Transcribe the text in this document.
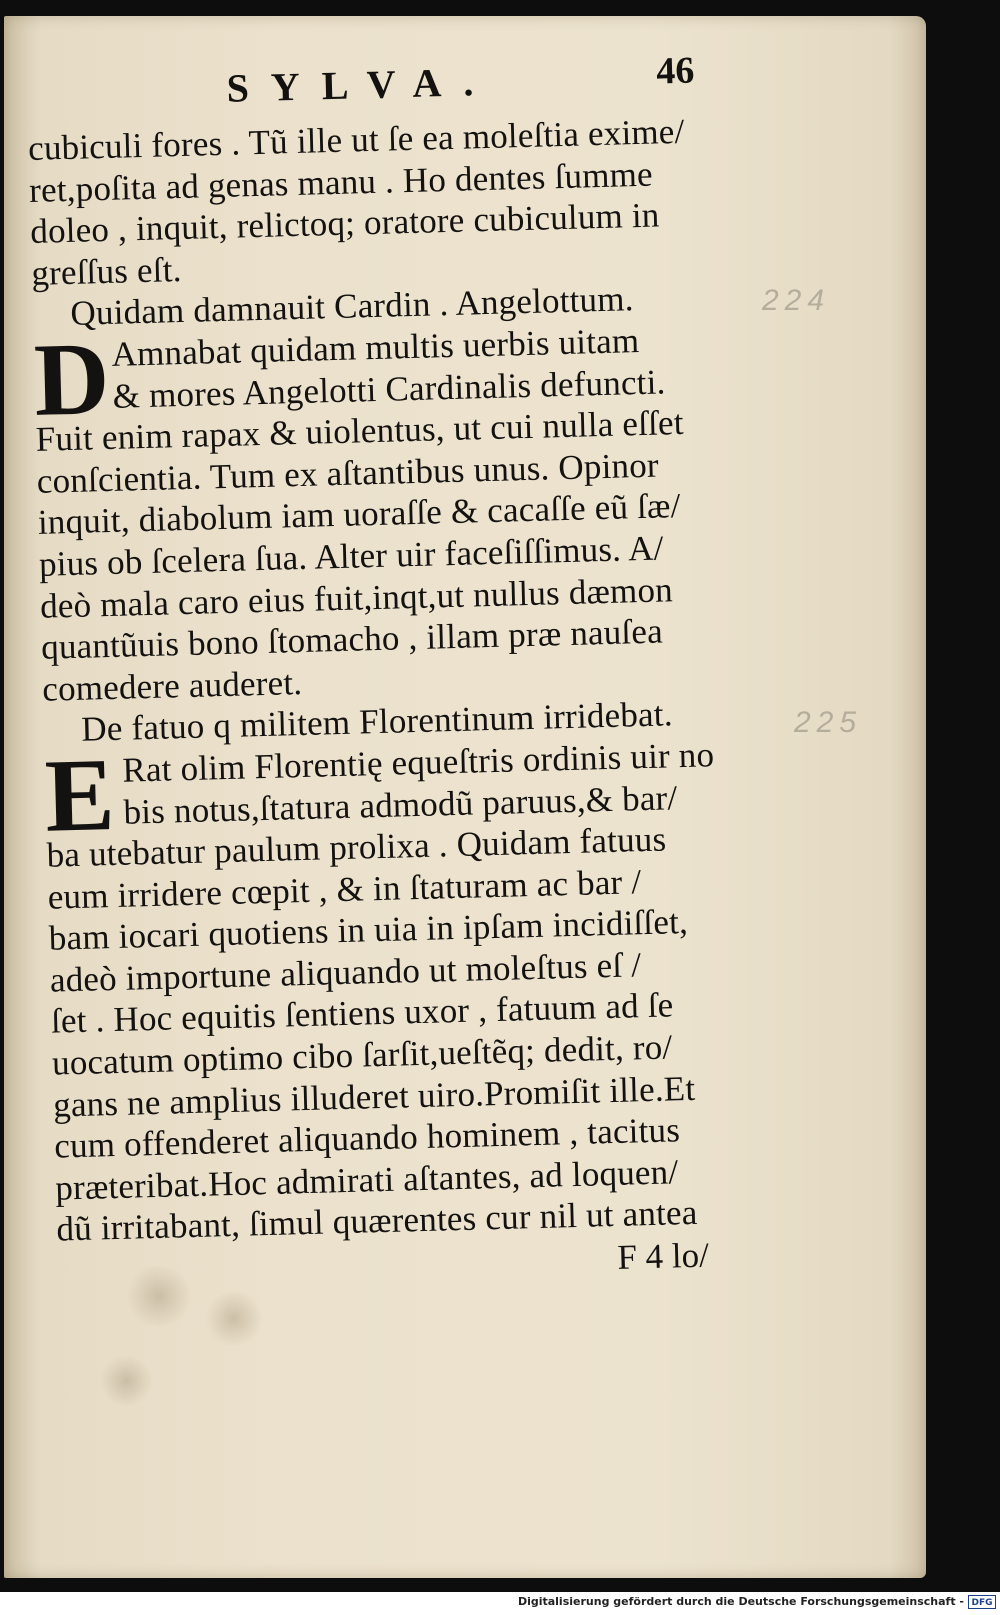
224
225
SYLVA.	46
cubiculi fores . Tũ ille ut ſe ea moleſtia exime/
ret,poſita ad genas manu . Ho dentes ſumme
doleo , inquit, relictoq; oratore cubiculum in
greſſus eſt.
Quidam damnauit Cardin . Angelottum.
D Amnabat quidam multis uerbis uitam
& mores Angelotti Cardinalis defuncti.
Fuit enim rapax & uiolentus, ut cui nulla eſſet
conſcientia. Tum ex aſtantibus unus. Opinor
inquit, diabolum iam uoraſſe & cacaſſe eũ ſæ/
pius ob ſcelera ſua. Alter uir faceſiſſimus. A/
deò mala caro eius fuit,inqt,ut nullus dæmon
quantũuis bono ſtomacho , illam præ nauſea
comedere auderet.
De fatuo q militem Florentinum irridebat.
E Rat olim Florentię equeſtris ordinis uir no
bis notus,ſtatura admodũ paruus,& bar/
ba utebatur paulum prolixa . Quidam fatuus
eum irridere cœpit , & in ſtaturam ac bar /
bam iocari quotiens in uia in ipſam incidiſſet,
adeò importune aliquando ut moleſtus eſ /
ſet . Hoc equitis ſentiens uxor , fatuum ad ſe
uocatum optimo cibo ſarſit,ueſtẽq; dedit, ro/
gans ne amplius illuderet uiro.Promiſit ille.Et
cum offenderet aliquando hominem , tacitus
præteribat.Hoc admirati aſtantes, ad loquen/
dũ irritabant, ſimul quærentes cur nil ut antea
F 4 lo/
Digitalisierung gefördert durch die Deutsche Forschungsgemeinschaft - DFG
